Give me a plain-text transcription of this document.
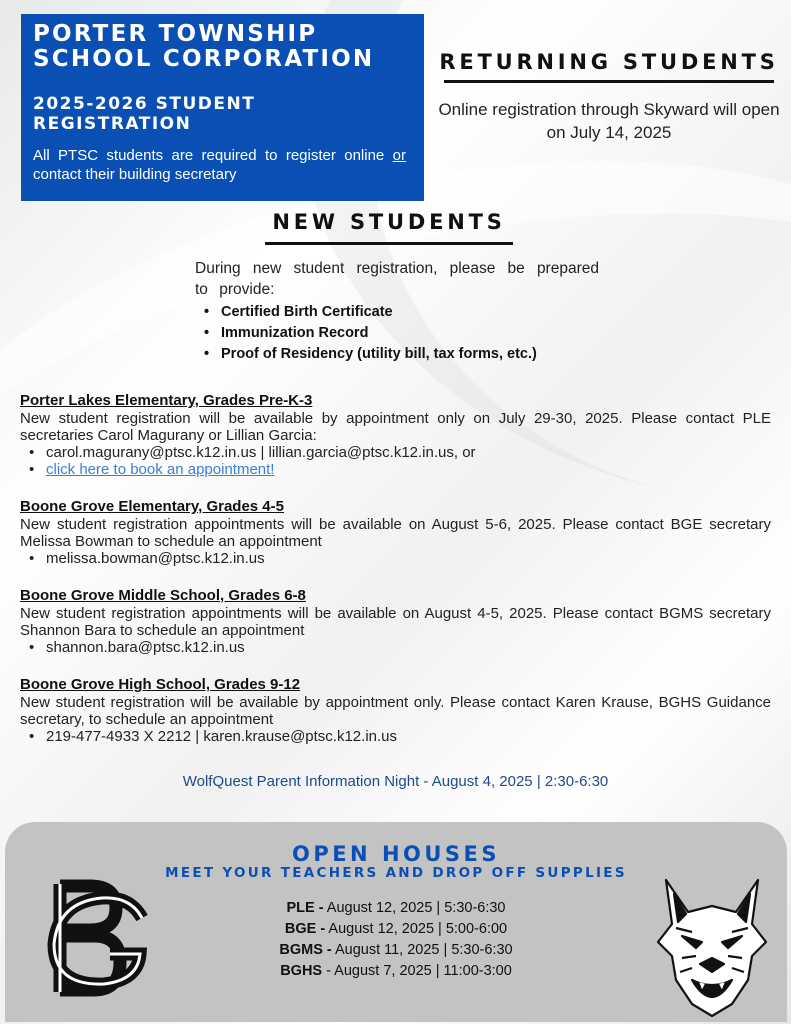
PORTER TOWNSHIP SCHOOL CORPORATION
2025-2026 STUDENT REGISTRATION
All PTSC students are required to register online or contact their building secretary
RETURNING STUDENTS
Online registration through Skyward will open on July 14, 2025
NEW STUDENTS
During new student registration, please be prepared to provide:
• Certified Birth Certificate
• Immunization Record
• Proof of Residency (utility bill, tax forms, etc.)
Porter Lakes Elementary, Grades Pre-K-3
New student registration will be available by appointment only on July 29-30, 2025. Please contact PLE secretaries Carol Magurany or Lillian Garcia:
• carol.magurany@ptsc.k12.in.us | lillian.garcia@ptsc.k12.in.us, or
• click here to book an appointment!
Boone Grove Elementary, Grades 4-5
New student registration appointments will be available on August 5-6, 2025. Please contact BGE secretary Melissa Bowman to schedule an appointment
• melissa.bowman@ptsc.k12.in.us
Boone Grove Middle School, Grades 6-8
New student registration appointments will be available on August 4-5, 2025. Please contact BGMS secretary Shannon Bara to schedule an appointment
• shannon.bara@ptsc.k12.in.us
Boone Grove High School, Grades 9-12
New student registration will be available by appointment only. Please contact Karen Krause, BGHS Guidance secretary, to schedule an appointment
• 219-477-4933 X 2212 | karen.krause@ptsc.k12.in.us
WolfQuest Parent Information Night - August 4, 2025 | 2:30-6:30
OPEN HOUSES
MEET YOUR TEACHERS AND DROP OFF SUPPLIES
PLE - August 12, 2025 | 5:30-6:30
BGE - August 12, 2025 | 5:00-6:00
BGMS - August 11, 2025 | 5:30-6:30
BGHS - August 7, 2025 | 11:00-3:00
